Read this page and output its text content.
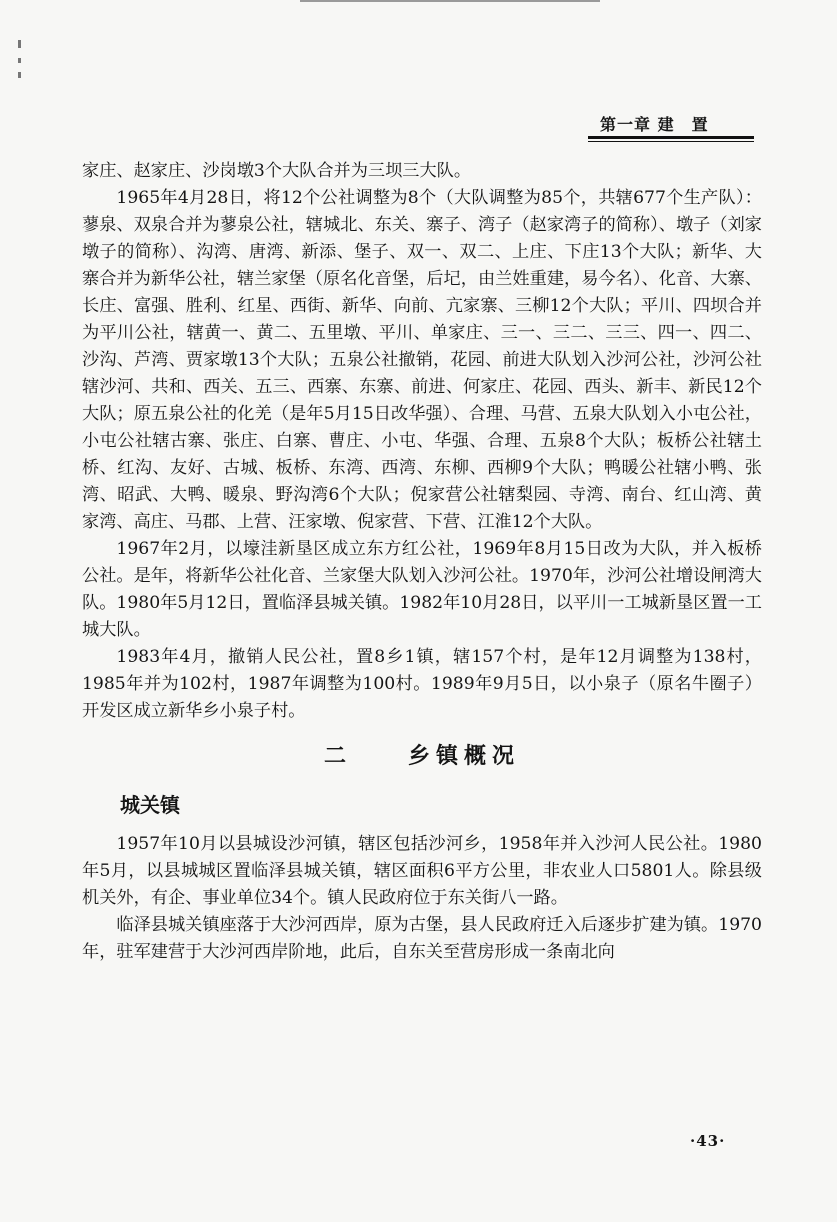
第一章 建　置

家庄、赵家庄、沙岗墩3个大队合并为三坝三大队。

1965年4月28日，将12个公社调整为8个（大队调整为85个，共辖677个生产队）：蓼泉、双泉合并为蓼泉公社，辖城北、东关、寨子、湾子（赵家湾子的简称）、墩子（刘家墩子的简称）、沟湾、唐湾、新添、堡子、双一、双二、上庄、下庄13个大队；新华、大寨合并为新华公社，辖兰家堡（原名化音堡，后圮，由兰姓重建，易今名）、化音、大寨、长庄、富强、胜利、红星、西街、新华、向前、亢家寨、三柳12个大队；平川、四坝合并为平川公社，辖黄一、黄二、五里墩、平川、单家庄、三一、三二、三三、四一、四二、沙沟、芦湾、贾家墩13个大队；五泉公社撤销，花园、前进大队划入沙河公社，沙河公社辖沙河、共和、西关、五三、西寨、东寨、前进、何家庄、花园、西头、新丰、新民12个大队；原五泉公社的化羌（是年5月15日改华强）、合理、马营、五泉大队划入小屯公社，小屯公社辖古寨、张庄、白寨、曹庄、小屯、华强、合理、五泉8个大队；板桥公社辖土桥、红沟、友好、古城、板桥、东湾、西湾、东柳、西柳9个大队；鸭暖公社辖小鸭、张湾、昭武、大鸭、暖泉、野沟湾6个大队；倪家营公社辖梨园、寺湾、南台、红山湾、黄家湾、高庄、马郡、上营、汪家墩、倪家营、下营、江淮12个大队。

1967年2月，以壕洼新垦区成立东方红公社，1969年8月15日改为大队，并入板桥公社。是年，将新华公社化音、兰家堡大队划入沙河公社。1970年，沙河公社增设闸湾大队。1980年5月12日，置临泽县城关镇。1982年10月28日，以平川一工城新垦区置一工城大队。

1983年4月，撤销人民公社，置8乡1镇，辖157个村，是年12月调整为138村，1985年并为102村，1987年调整为100村。1989年9月5日，以小泉子（原名牛圈子）开发区成立新华乡小泉子村。

二　　乡镇概况
城关镇

1957年10月以县城设沙河镇，辖区包括沙河乡，1958年并入沙河人民公社。1980年5月，以县城城区置临泽县城关镇，辖区面积6平方公里，非农业人口5801人。除县级机关外，有企、事业单位34个。镇人民政府位于东关街八一路。

临泽县城关镇座落于大沙河西岸，原为古堡，县人民政府迁入后逐步扩建为镇。1970年，驻军建营于大沙河西岸阶地，此后，自东关至营房形成一条南北向

·43·
